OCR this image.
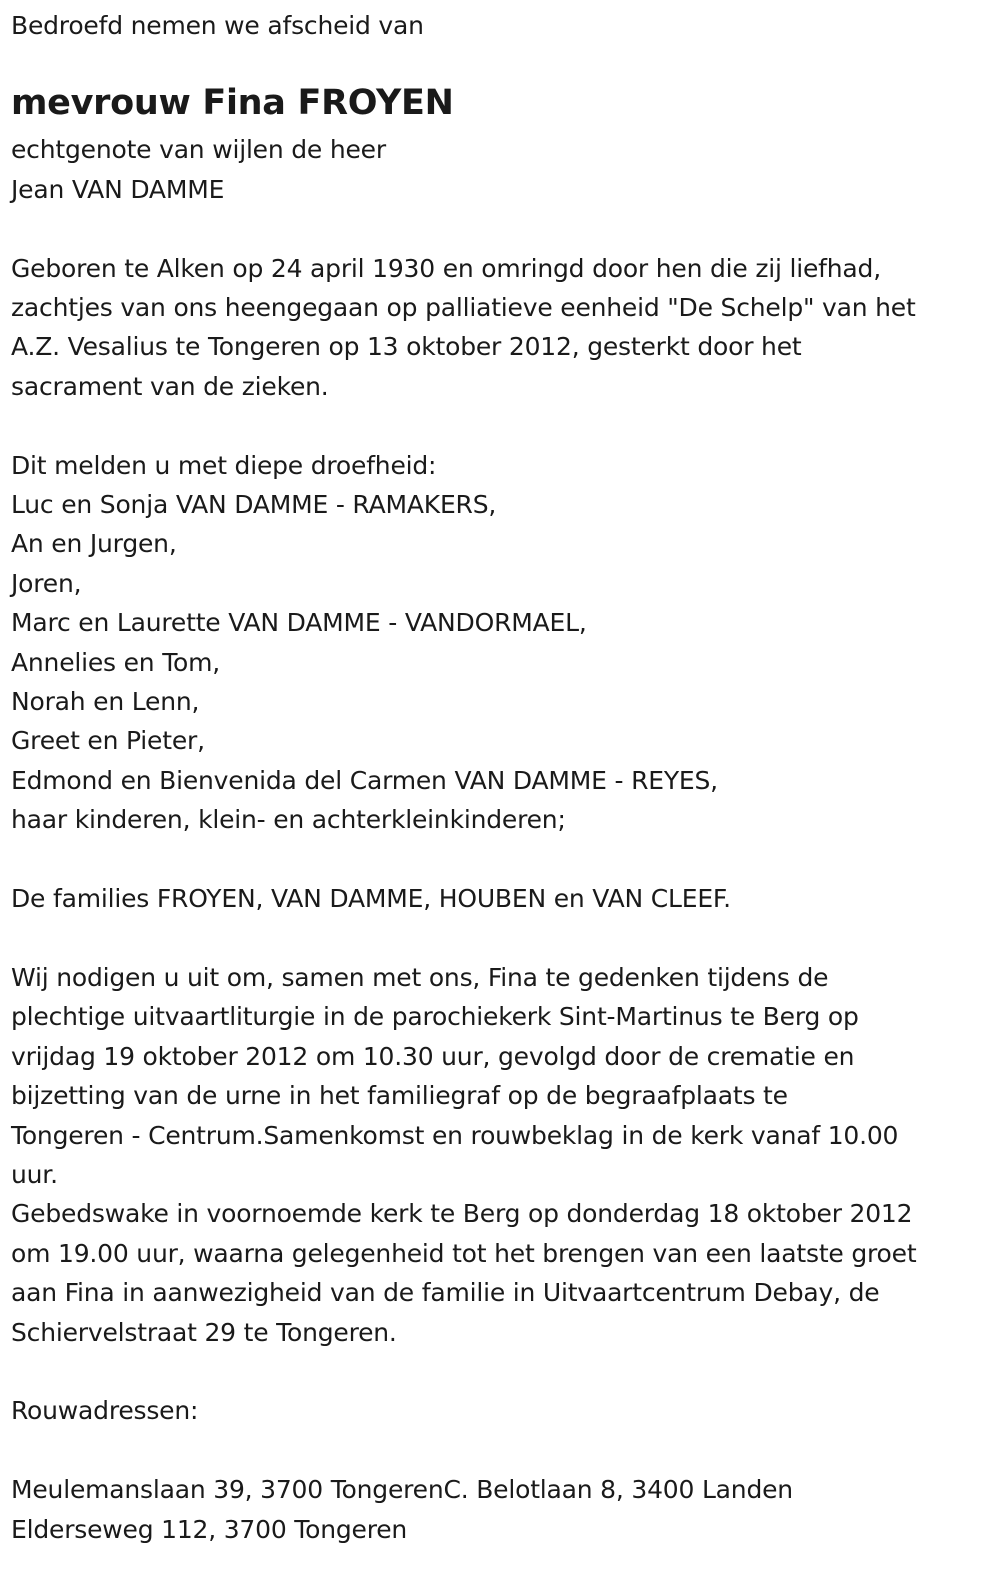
Bedroefd nemen we afscheid van
mevrouw Fina FROYEN
echtgenote van wijlen de heer
Jean VAN DAMME
Geboren te Alken op 24 april 1930 en omringd door hen die zij liefhad,
zachtjes van ons heengegaan op palliatieve eenheid "De Schelp" van het
A.Z. Vesalius te Tongeren op 13 oktober 2012, gesterkt door het
sacrament van de zieken.
Dit melden u met diepe droefheid:
Luc en Sonja VAN DAMME - RAMAKERS,
An en Jurgen,
Joren,
Marc en Laurette VAN DAMME - VANDORMAEL,
Annelies en Tom,
Norah en Lenn,
Greet en Pieter,
Edmond en Bienvenida del Carmen VAN DAMME - REYES,
haar kinderen, klein- en achterkleinkinderen;
De families FROYEN, VAN DAMME, HOUBEN en VAN CLEEF.
Wij nodigen u uit om, samen met ons, Fina te gedenken tijdens de
plechtige uitvaartliturgie in de parochiekerk Sint-Martinus te Berg op
vrijdag 19 oktober 2012 om 10.30 uur, gevolgd door de crematie en
bijzetting van de urne in het familiegraf op de begraafplaats te
Tongeren - Centrum.Samenkomst en rouwbeklag in de kerk vanaf 10.00
uur.
Gebedswake in voornoemde kerk te Berg op donderdag 18 oktober 2012
om 19.00 uur, waarna gelegenheid tot het brengen van een laatste groet
aan Fina in aanwezigheid van de familie in Uitvaartcentrum Debay, de
Schiervelstraat 29 te Tongeren.
Rouwadressen:
Meulemanslaan 39, 3700 TongerenC. Belotlaan 8, 3400 Landen
Elderseweg 112, 3700 Tongeren
